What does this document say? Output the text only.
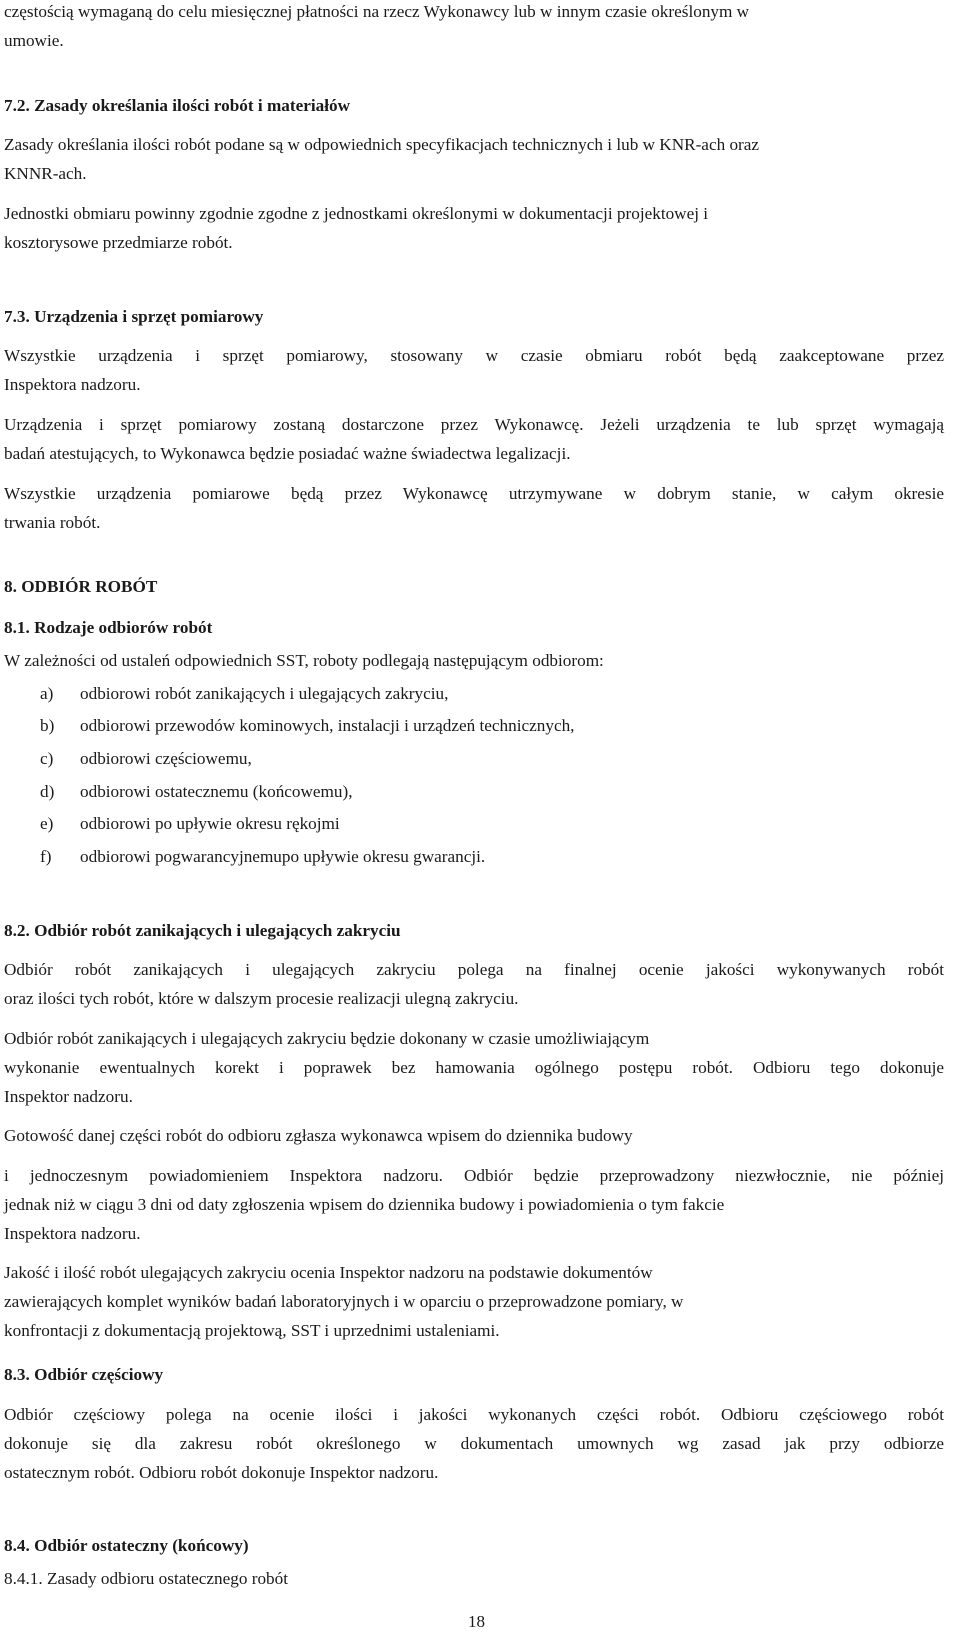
częstością wymaganą do celu miesięcznej płatności na rzecz Wykonawcy lub w innym czasie określonym w
umowie.
7.2. Zasady określania ilości robót i materiałów
Zasady określania ilości robót podane są w odpowiednich specyfikacjach technicznych i lub w KNR-ach oraz
KNNR-ach.
Jednostki obmiaru powinny zgodnie zgodne z jednostkami określonymi w dokumentacji projektowej i
kosztorysowe przedmiarze robót.
7.3. Urządzenia i sprzęt pomiarowy
Wszystkie urządzenia i sprzęt pomiarowy, stosowany w czasie obmiaru robót będą zaakceptowane przez
Inspektora nadzoru.
Urządzenia i sprzęt pomiarowy zostaną dostarczone przez Wykonawcę. Jeżeli urządzenia te lub sprzęt wymagają
badań atestujących, to Wykonawca będzie posiadać ważne świadectwa legalizacji.
Wszystkie urządzenia pomiarowe będą przez Wykonawcę utrzymywane w dobrym stanie, w całym okresie
trwania robót.
8. ODBIÓR ROBÓT
8.1. Rodzaje odbiorów robót
W zależności od ustaleń odpowiednich SST, roboty podlegają następującym odbiorom:
a) odbiorowi robót zanikających i ulegających zakryciu,
b) odbiorowi przewodów kominowych, instalacji i urządzeń technicznych,
c) odbiorowi częściowemu,
d) odbiorowi ostatecznemu (końcowemu),
e) odbiorowi po upływie okresu rękojmi
f) odbiorowi pogwarancyjnemupo upływie okresu gwarancji.
8.2. Odbiór robót zanikających i ulegających zakryciu
Odbiór robót zanikających i ulegających zakryciu polega na finalnej ocenie jakości wykonywanych robót
oraz ilości tych robót, które w dalszym procesie realizacji ulegną zakryciu.
Odbiór robót zanikających i ulegających zakryciu będzie dokonany w czasie umożliwiającym
wykonanie ewentualnych korekt i poprawek bez hamowania ogólnego postępu robót. Odbioru tego dokonuje
Inspektor nadzoru.
Gotowość danej części robót do odbioru zgłasza wykonawca wpisem do dziennika budowy
i jednoczesnym powiadomieniem Inspektora nadzoru. Odbiór będzie przeprowadzony niezwłocznie, nie później
jednak niż w ciągu 3 dni od daty zgłoszenia wpisem do dziennika budowy i powiadomienia o tym fakcie
Inspektora nadzoru.
Jakość i ilość robót ulegających zakryciu ocenia Inspektor nadzoru na podstawie dokumentów
zawierających komplet wyników badań laboratoryjnych i w oparciu o przeprowadzone pomiary, w
konfrontacji z dokumentacją projektową, SST i uprzednimi ustaleniami.
8.3. Odbiór częściowy
Odbiór częściowy polega na ocenie ilości i jakości wykonanych części robót. Odbioru częściowego robót
dokonuje się dla zakresu robót określonego w dokumentach umownych wg zasad jak przy odbiorze
ostatecznym robót. Odbioru robót dokonuje Inspektor nadzoru.
8.4. Odbiór ostateczny (końcowy)
8.4.1. Zasady odbioru ostatecznego robót
18
